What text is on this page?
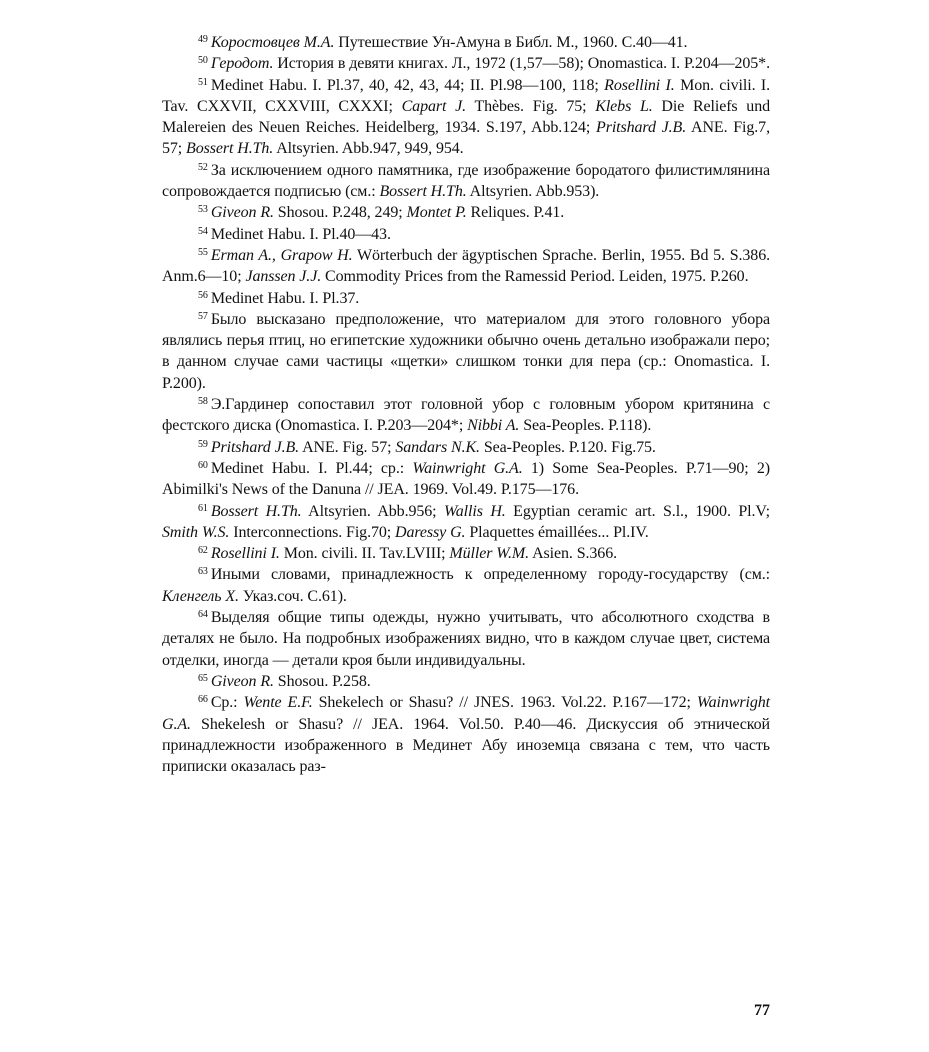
$^{49}$ Коростовцев М.А. Путешествие Ун-Амуна в Библ. М., 1960. С.40—41.

$^{50}$ Геродот. История в девяти книгах. Л., 1972 (1,57—58); Onomastica. I. P.204—205*.

$^{51}$ Medinet Habu. I. Pl.37, 40, 42, 43, 44; II. Pl.98—100, 118; Rosellini I. Mon. civili. I. Tav. CXXVII, CXXVIII, CXXXI; Capart J. Thèbes. Fig. 75; Klebs L. Die Reliefs und Malereien des Neuen Reiches. Heidelberg, 1934. S.197, Abb.124; Pritshard J.B. ANE. Fig.7, 57; Bossert H.Th. Altsyrien. Abb.947, 949, 954.

$^{52}$ За исключением одного памятника, где изображение бородатого филистимлянина сопровождается подписью (см.: Bossert H.Th. Altsyrien. Abb.953).

$^{53}$ Giveon R. Shosou. P.248, 249; Montet P. Reliques. P.41.

$^{54}$ Medinet Habu. I. Pl.40—43.

$^{55}$ Erman A., Grapow H. Wörterbuch der ägyptischen Sprache. Berlin, 1955. Bd 5. S.386. Anm.6—10; Janssen J.J. Commodity Prices from the Ramessid Period. Leiden, 1975. P.260.

$^{56}$ Medinet Habu. I. Pl.37.

$^{57}$ Было высказано предположение, что материалом для этого головного убора являлись перья птиц, но египетские художники обычно очень детально изображали перо; в данном случае сами частицы «щетки» слишком тонки для пера (ср.: Onomastica. I. P.200).

$^{58}$ Э.Гардинер сопоставил этот головной убор с головным убором критянина с фестского диска (Onomastica. I. P.203—204*; Nibbi A. Sea-Peoples. P.118).

$^{59}$ Pritshard J.B. ANE. Fig. 57; Sandars N.K. Sea-Peoples. P.120. Fig.75.

$^{60}$ Medinet Habu. I. Pl.44; ср.: Wainwright G.A. 1) Some Sea-Peoples. P.71—90; 2) Abimilki's News of the Danuna // JEA. 1969. Vol.49. P.175—176.

$^{61}$ Bossert H.Th. Altsyrien. Abb.956; Wallis H. Egyptian ceramic art. S.l., 1900. Pl.V; Smith W.S. Interconnections. Fig.70; Daressy G. Plaquettes émaillées... Pl.IV.

$^{62}$ Rosellini I. Mon. civili. II. Tav.LVIII; Müller W.M. Asien. S.366.

$^{63}$ Иными словами, принадлежность к определенному городу-государству (см.: Кленгель Х. Указ.соч. С.61).

$^{64}$ Выделяя общие типы одежды, нужно учитывать, что абсолютного сходства в деталях не было. На подробных изображениях видно, что в каждом случае цвет, система отделки, иногда — детали кроя были индивидуальны.

$^{65}$ Giveon R. Shosou. P.258.

$^{66}$ Ср.: Wente E.F. Shekelech or Shasu? // JNES. 1963. Vol.22. P.167—172; Wainwright G.A. Shekelesh or Shasu? // JEA. 1964. Vol.50. P.40—46. Дискуссия об этнической принадлежности изображенного в Мединет Абу иноземца связана с тем, что часть приписки оказалась раз-

77
